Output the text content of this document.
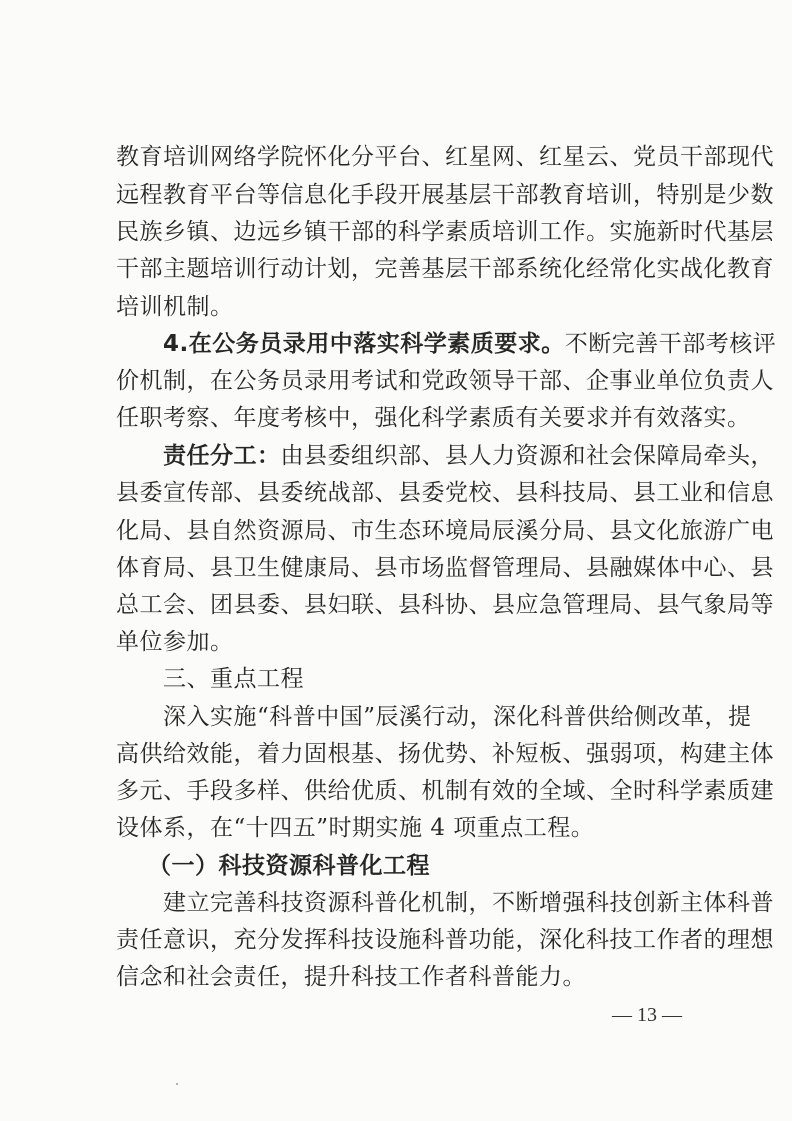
教育培训网络学院怀化分平台、红星网、红星云、党员干部现代
远程教育平台等信息化手段开展基层干部教育培训，特别是少数
民族乡镇、边远乡镇干部的科学素质培训工作。实施新时代基层
干部主题培训行动计划，完善基层干部系统化经常化实战化教育
培训机制。
4.在公务员录用中落实科学素质要求。不断完善干部考核评
价机制，在公务员录用考试和党政领导干部、企事业单位负责人
任职考察、年度考核中，强化科学素质有关要求并有效落实。
责任分工：由县委组织部、县人力资源和社会保障局牵头，
县委宣传部、县委统战部、县委党校、县科技局、县工业和信息
化局、县自然资源局、市生态环境局辰溪分局、县文化旅游广电
体育局、县卫生健康局、县市场监督管理局、县融媒体中心、县
总工会、团县委、县妇联、县科协、县应急管理局、县气象局等
单位参加。
三、重点工程
深入实施“科普中国”辰溪行动，深化科普供给侧改革，提
高供给效能，着力固根基、扬优势、补短板、强弱项，构建主体
多元、手段多样、供给优质、机制有效的全域、全时科学素质建
设体系，在“十四五”时期实施 4 项重点工程。
（一）科技资源科普化工程
建立完善科技资源科普化机制，不断增强科技创新主体科普
责任意识，充分发挥科技设施科普功能，深化科技工作者的理想
信念和社会责任，提升科技工作者科普能力。
— 13 —
